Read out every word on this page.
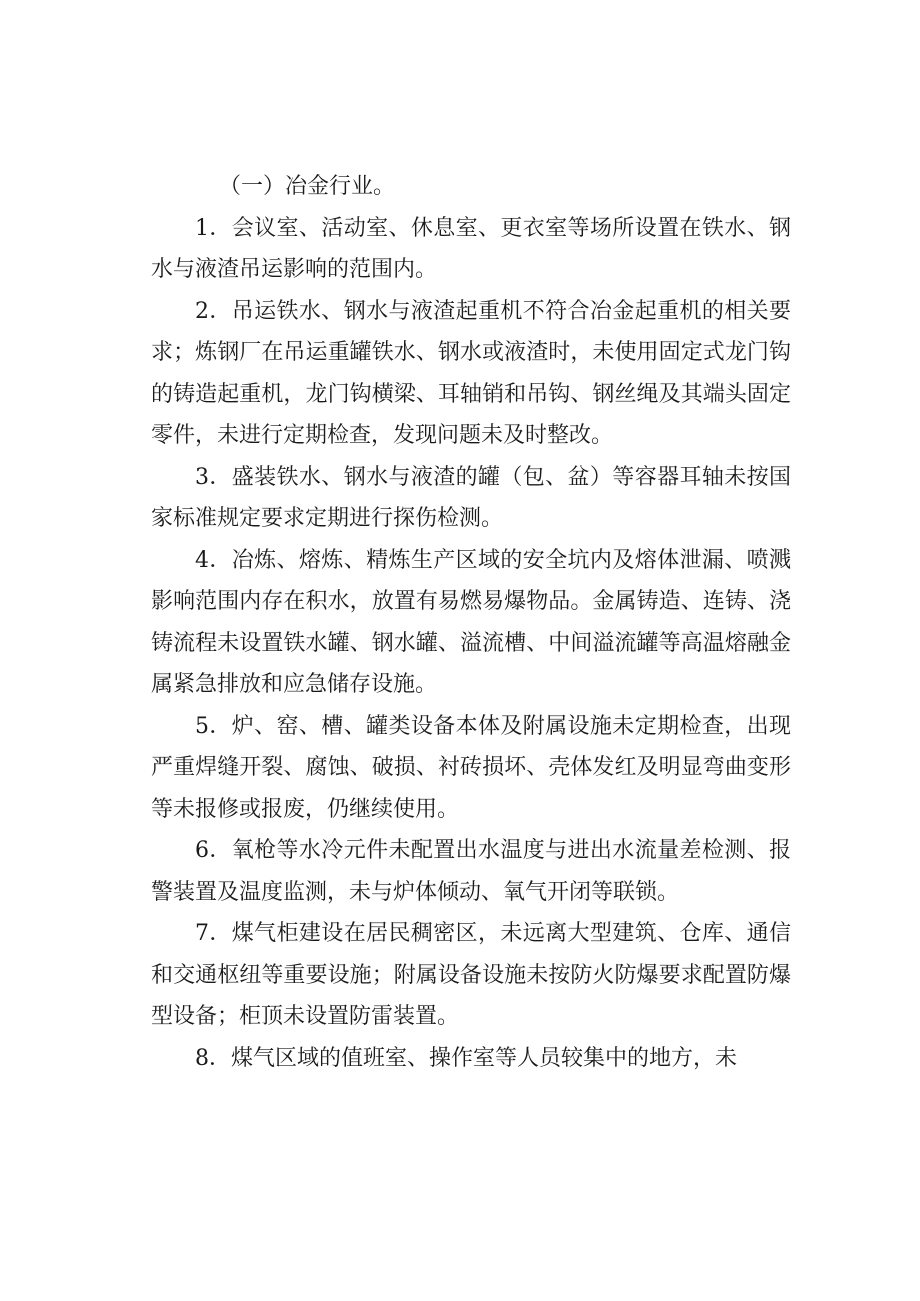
（一）冶金行业。

1．会议室、活动室、休息室、更衣室等场所设置在铁水、钢水与液渣吊运影响的范围内。

2．吊运铁水、钢水与液渣起重机不符合冶金起重机的相关要求；炼钢厂在吊运重罐铁水、钢水或液渣时，未使用固定式龙门钩的铸造起重机，龙门钩横梁、耳轴销和吊钩、钢丝绳及其端头固定零件，未进行定期检查，发现问题未及时整改。

3．盛装铁水、钢水与液渣的罐（包、盆）等容器耳轴未按国家标准规定要求定期进行探伤检测。

4．冶炼、熔炼、精炼生产区域的安全坑内及熔体泄漏、喷溅影响范围内存在积水，放置有易燃易爆物品。金属铸造、连铸、浇铸流程未设置铁水罐、钢水罐、溢流槽、中间溢流罐等高温熔融金属紧急排放和应急储存设施。

5．炉、窑、槽、罐类设备本体及附属设施未定期检查，出现严重焊缝开裂、腐蚀、破损、衬砖损坏、壳体发红及明显弯曲变形等未报修或报废，仍继续使用。

6．氧枪等水冷元件未配置出水温度与进出水流量差检测、报警装置及温度监测，未与炉体倾动、氧气开闭等联锁。

7．煤气柜建设在居民稠密区，未远离大型建筑、仓库、通信和交通枢纽等重要设施；附属设备设施未按防火防爆要求配置防爆型设备；柜顶未设置防雷装置。

8．煤气区域的值班室、操作室等人员较集中的地方，未
